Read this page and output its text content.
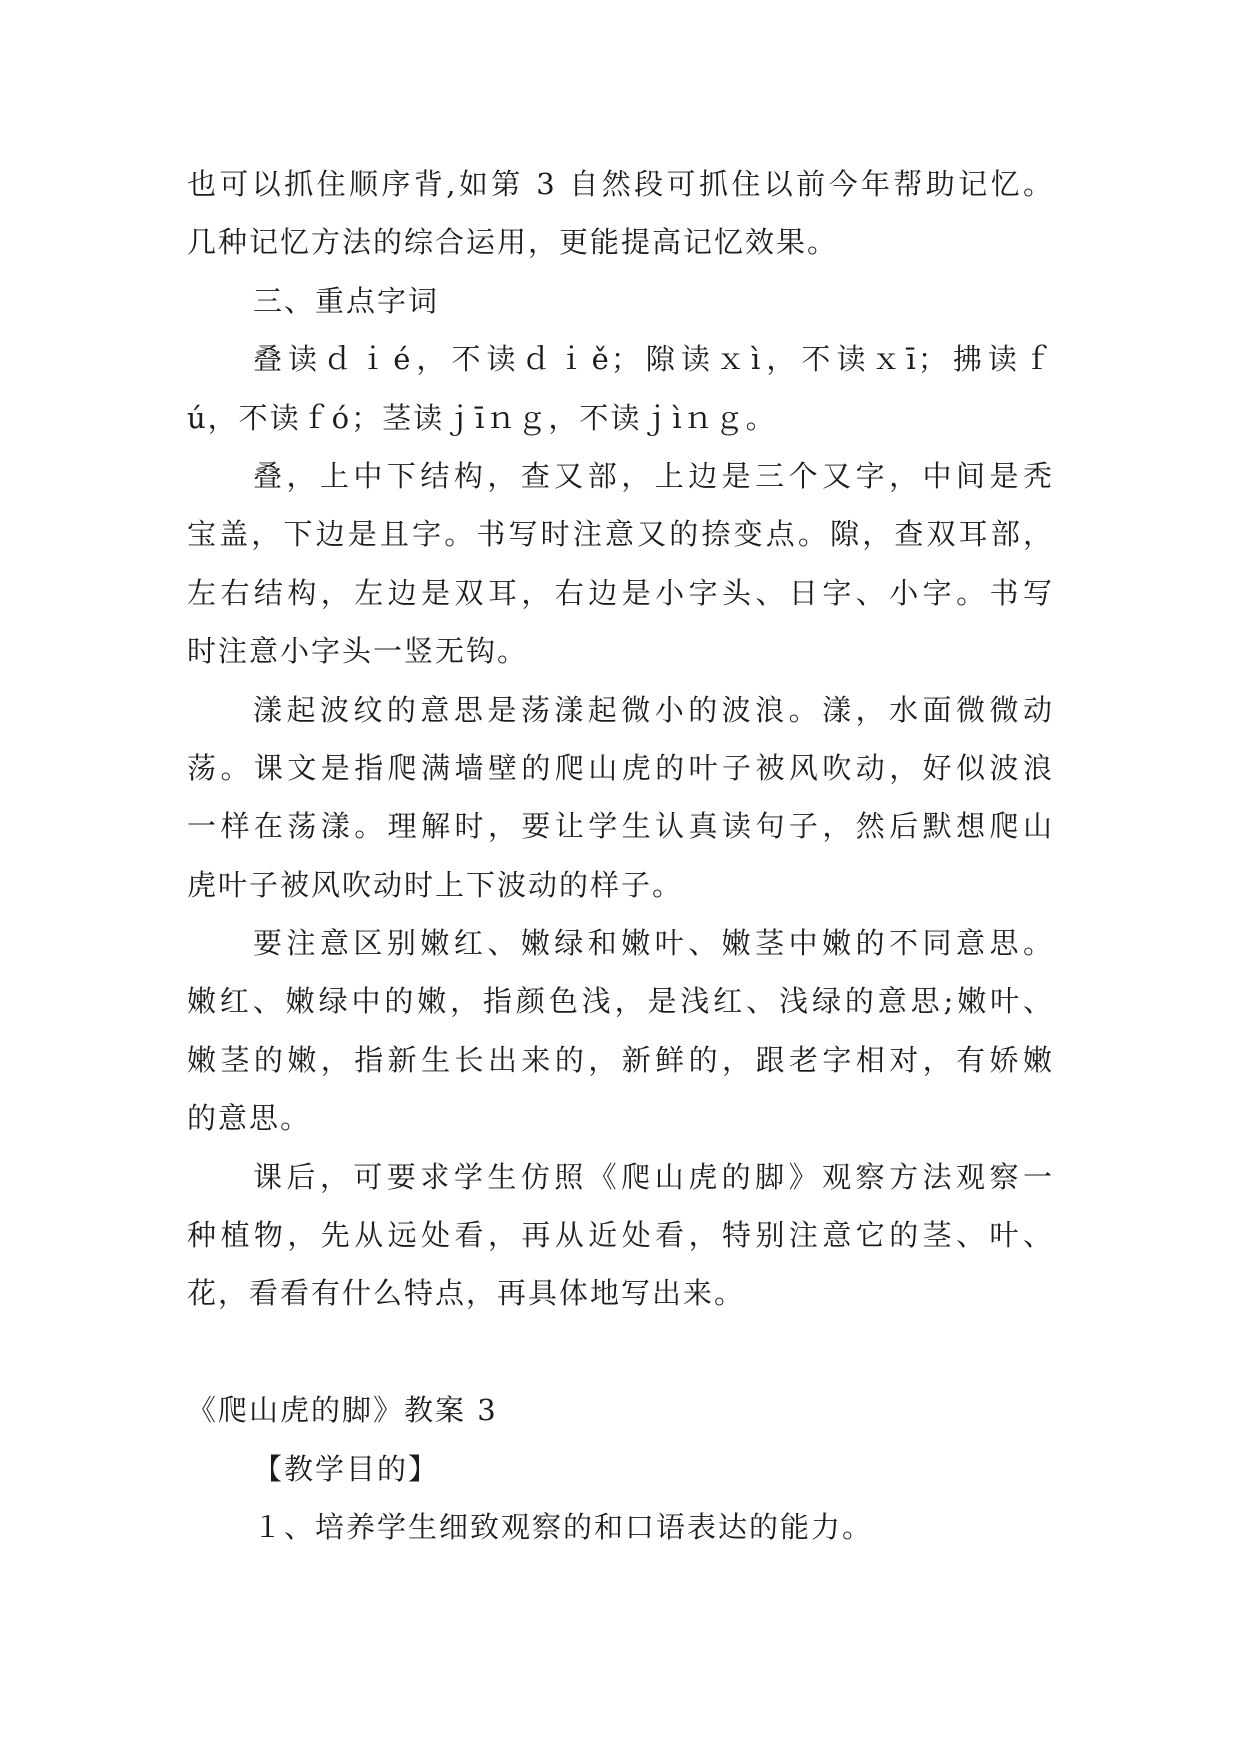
也可以抓住顺序背,如第 3 自然段可抓住以前今年帮助记忆。
几种记忆方法的综合运用，更能提高记忆效果。
三、重点字词
叠读ｄｉé，不读ｄｉě；隙读ｘì，不读ｘī；拂读ｆ
ú，不读ｆó；茎读ｊīｎｇ，不读ｊìｎｇ。
叠，上中下结构，查又部，上边是三个又字，中间是秃
宝盖，下边是且字。书写时注意又的捺变点。隙，查双耳部，
左右结构，左边是双耳，右边是小字头、日字、小字。书写
时注意小字头一竖无钩。
漾起波纹的意思是荡漾起微小的波浪。漾，水面微微动
荡。课文是指爬满墙壁的爬山虎的叶子被风吹动，好似波浪
一样在荡漾。理解时，要让学生认真读句子，然后默想爬山
虎叶子被风吹动时上下波动的样子。
要注意区别嫩红、嫩绿和嫩叶、嫩茎中嫩的不同意思。
嫩红、嫩绿中的嫩，指颜色浅，是浅红、浅绿的意思;嫩叶、
嫩茎的嫩，指新生长出来的，新鲜的，跟老字相对，有娇嫩
的意思。
课后，可要求学生仿照《爬山虎的脚》观察方法观察一
种植物，先从远处看，再从近处看，特别注意它的茎、叶、
花，看看有什么特点，再具体地写出来。
《爬山虎的脚》教案 3
【教学目的】
１、培养学生细致观察的和口语表达的能力。
